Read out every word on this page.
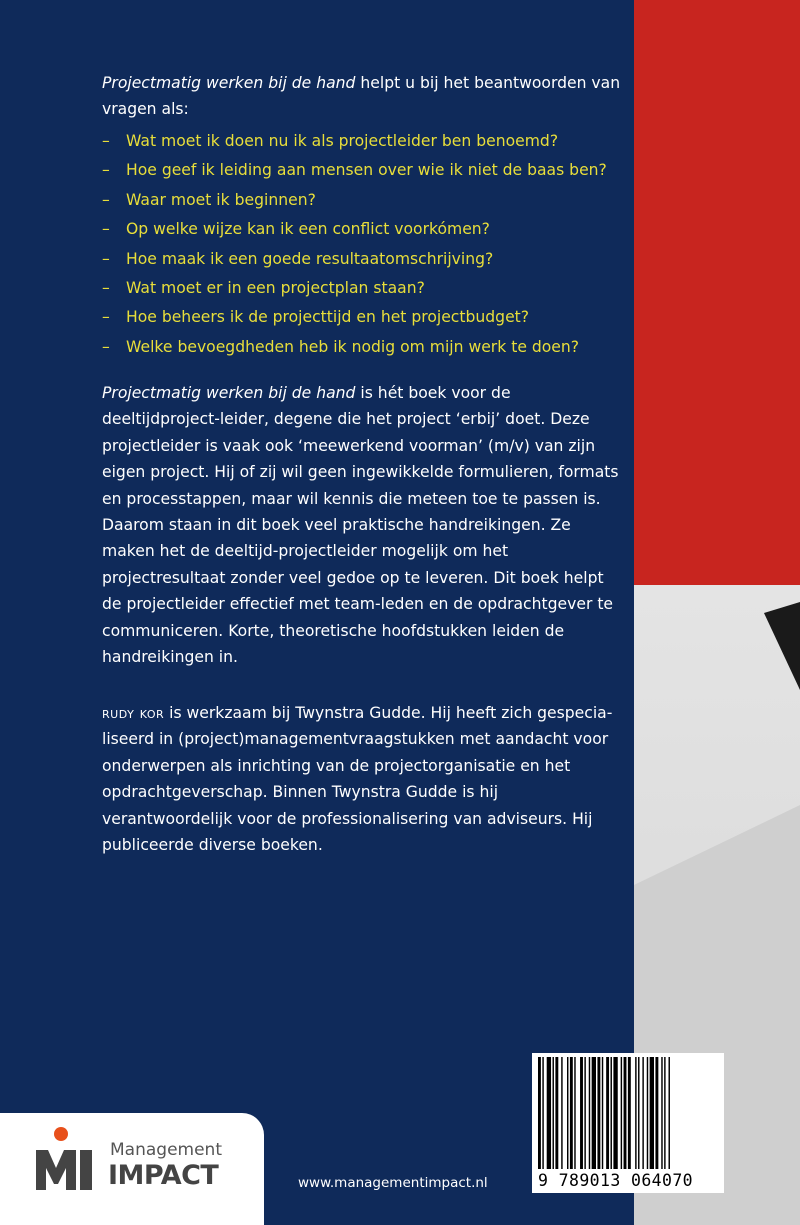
Projectmatig werken bij de hand helpt u bij het beantwoorden van vragen als:
– Wat moet ik doen nu ik als projectleider ben benoemd?
– Hoe geef ik leiding aan mensen over wie ik niet de baas ben?
– Waar moet ik beginnen?
– Op welke wijze kan ik een conflict voorkómen?
– Hoe maak ik een goede resultaatomschrijving?
– Wat moet er in een projectplan staan?
– Hoe beheers ik de projecttijd en het projectbudget?
– Welke bevoegdheden heb ik nodig om mijn werk te doen?
Projectmatig werken bij de hand is hét boek voor de deeltijdproject-leider, degene die het project ‘erbij’ doet. Deze projectleider is vaak ook ‘meewerkend voorman’ (m/v) van zijn eigen project. Hij of zij wil geen ingewikkelde formulieren, formats en processtappen, maar wil kennis die meteen toe te passen is. Daarom staan in dit boek veel praktische handreikingen. Ze maken het de deeltijd-projectleider mogelijk om het projectresultaat zonder veel gedoe op te leveren. Dit boek helpt de projectleider effectief met team-leden en de opdrachtgever te communiceren. Korte, theoretische hoofdstukken leiden de handreikingen in.
rudy kor is werkzaam bij Twynstra Gudde. Hij heeft zich gespecia-liseerd in (project)managementvraagstukken met aandacht voor onderwerpen als inrichting van de projectorganisatie en het opdrachtgeverschap. Binnen Twynstra Gudde is hij verantwoordelijk voor de professionalisering van adviseurs. Hij publiceerde diverse boeken.
Management
IMPACT	www.managementimpact.nl	9 789013 064070
